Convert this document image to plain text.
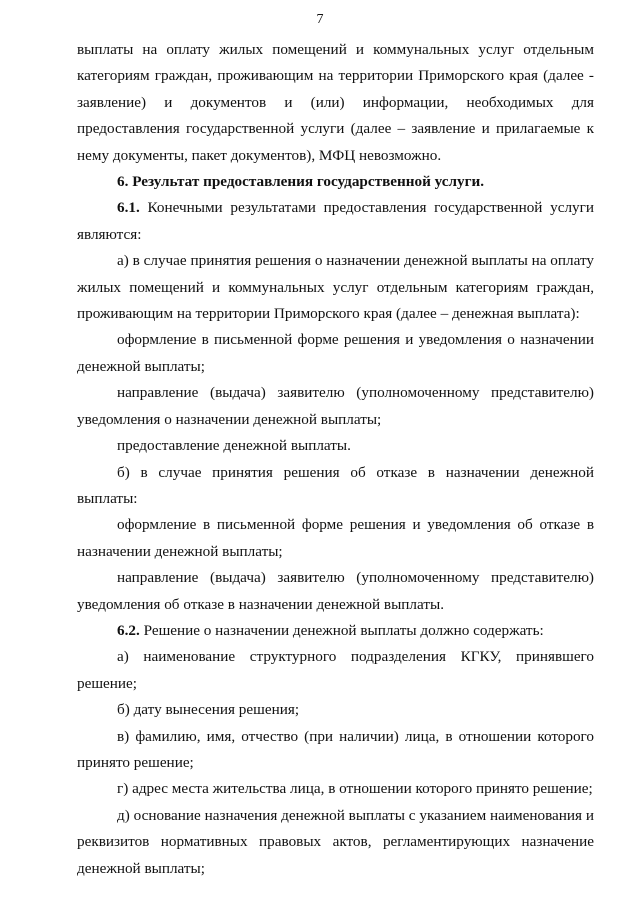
7

выплаты на оплату жилых помещений и коммунальных услуг отдельным категориям граждан, проживающим на территории Приморского края (далее - заявление) и документов и (или) информации, необходимых для предоставления государственной услуги (далее – заявление и прилагаемые к нему документы, пакет документов), МФЦ невозможно.

6. Результат предоставления государственной услуги.

6.1. Конечными результатами предоставления государственной услуги являются:

а) в случае принятия решения о назначении денежной выплаты на оплату жилых помещений и коммунальных услуг отдельным категориям граждан, проживающим на территории Приморского края (далее – денежная выплата):

оформление в письменной форме решения и уведомления о назначении денежной выплаты;

направление (выдача) заявителю (уполномоченному представителю) уведомления о назначении денежной выплаты;

предоставление денежной выплаты.

б) в случае принятия решения об отказе в назначении денежной выплаты:

оформление в письменной форме решения и уведомления об отказе в назначении денежной выплаты;

направление (выдача) заявителю (уполномоченному представителю) уведомления об отказе в назначении денежной выплаты.

6.2. Решение о назначении денежной выплаты должно содержать:

а) наименование структурного подразделения КГКУ, принявшего решение;

б) дату вынесения решения;

в) фамилию, имя, отчество (при наличии) лица, в отношении которого принято решение;

г) адрес места жительства лица, в отношении которого принято решение;

д) основание назначения денежной выплаты с указанием наименования и реквизитов нормативных правовых актов, регламентирующих назначение денежной выплаты;
